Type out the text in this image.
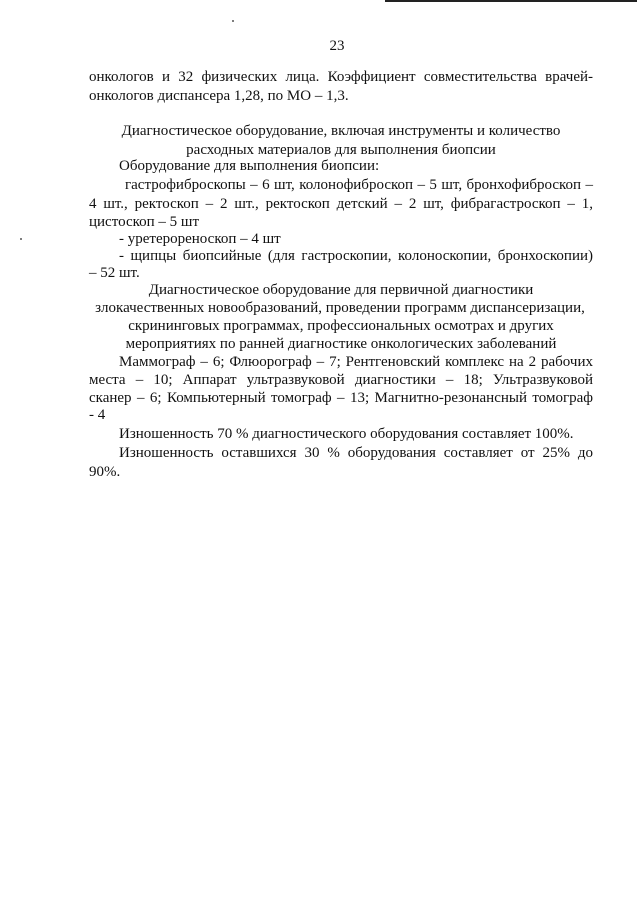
23
онкологов и 32 физических лица. Коэффициент совместительства врачей-
онкологов диспансера 1,28, по МО – 1,3.
Диагностическое оборудование, включая инструменты и количество
расходных материалов для выполнения биопсии
Оборудование для выполнения биопсии:
гастрофиброскопы – 6 шт, колонофиброскоп – 5 шт, бронхофиброскоп –
4 шт., ректоскоп – 2 шт., ректоскоп детский – 2 шт, фибрагастроскоп – 1,
цистоскоп – 5 шт
- уретерореноскоп – 4 шт
- щипцы биопсийные (для гастроскопии, колоноскопии, бронхоскопии)
– 52 шт.
Диагностическое оборудование для первичной диагностики
злокачественных новообразований, проведении программ диспансеризации,
скрининговых программах, профессиональных осмотрах и других
мероприятиях по ранней диагностике онкологических заболеваний
Маммограф – 6; Флюорограф – 7; Рентгеновский комплекс на 2 рабочих
места – 10; Аппарат ультразвуковой диагностики – 18; Ультразвуковой
сканер – 6; Компьютерный томограф – 13; Магнитно-резонансный томограф
- 4
Изношенность 70 % диагностического оборудования составляет 100%.
Изношенность оставшихся 30 % оборудования составляет от 25% до
90%.
